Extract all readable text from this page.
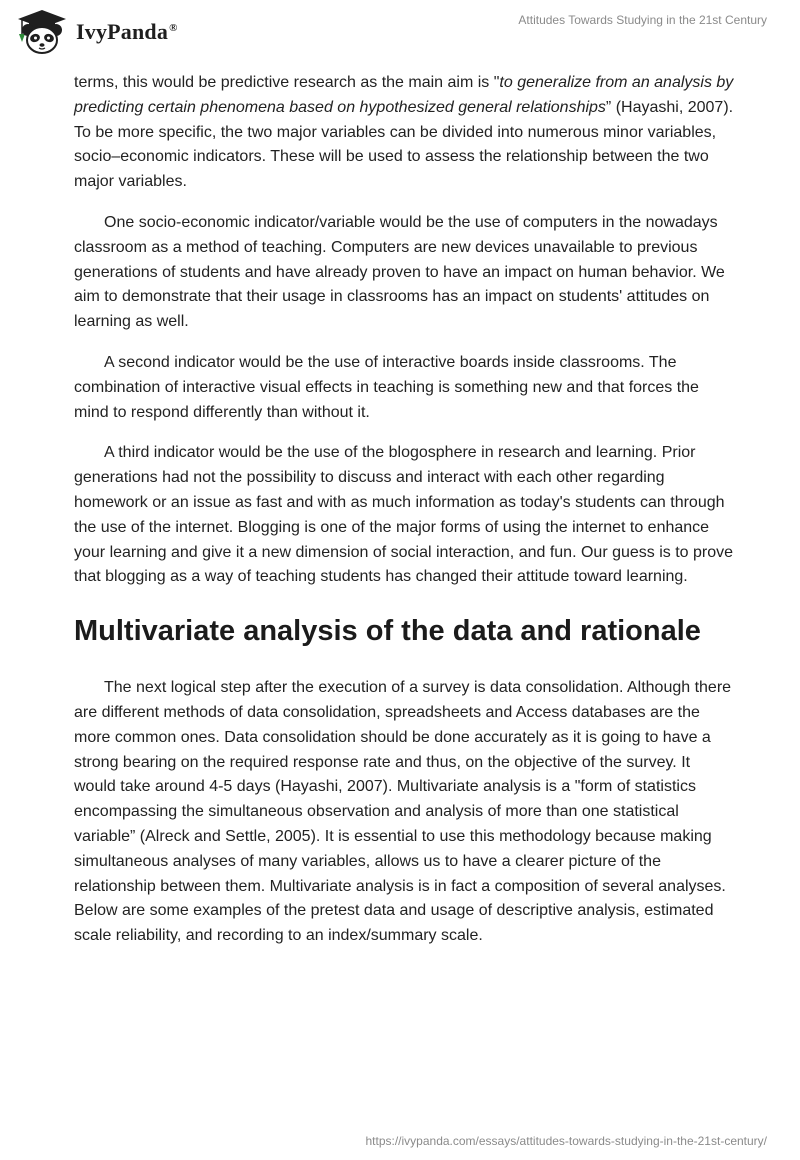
IvyPanda®
Attitudes Towards Studying in the 21st Century

terms, this would be predictive research as the main aim is "to generalize from an analysis by predicting certain phenomena based on hypothesized general relationships” (Hayashi, 2007). To be more specific, the two major variables can be divided into numerous minor variables, socio–economic indicators. These will be used to assess the relationship between the two major variables.

One socio-economic indicator/variable would be the use of computers in the nowadays classroom as a method of teaching. Computers are new devices unavailable to previous generations of students and have already proven to have an impact on human behavior. We aim to demonstrate that their usage in classrooms has an impact on students' attitudes on learning as well.

A second indicator would be the use of interactive boards inside classrooms. The combination of interactive visual effects in teaching is something new and that forces the mind to respond differently than without it.

A third indicator would be the use of the blogosphere in research and learning. Prior generations had not the possibility to discuss and interact with each other regarding homework or an issue as fast and with as much information as today's students can through the use of the internet. Blogging is one of the major forms of using the internet to enhance your learning and give it a new dimension of social interaction, and fun. Our guess is to prove that blogging as a way of teaching students has changed their attitude toward learning.

Multivariate analysis of the data and rationale

The next logical step after the execution of a survey is data consolidation. Although there are different methods of data consolidation, spreadsheets and Access databases are the more common ones. Data consolidation should be done accurately as it is going to have a strong bearing on the required response rate and thus, on the objective of the survey. It would take around 4-5 days (Hayashi, 2007). Multivariate analysis is a "form of statistics encompassing the simultaneous observation and analysis of more than one statistical variable” (Alreck and Settle, 2005). It is essential to use this methodology because making simultaneous analyses of many variables, allows us to have a clearer picture of the relationship between them. Multivariate analysis is in fact a composition of several analyses. Below are some examples of the pretest data and usage of descriptive analysis, estimated scale reliability, and recording to an index/summary scale.

https://ivypanda.com/essays/attitudes-towards-studying-in-the-21st-century/
